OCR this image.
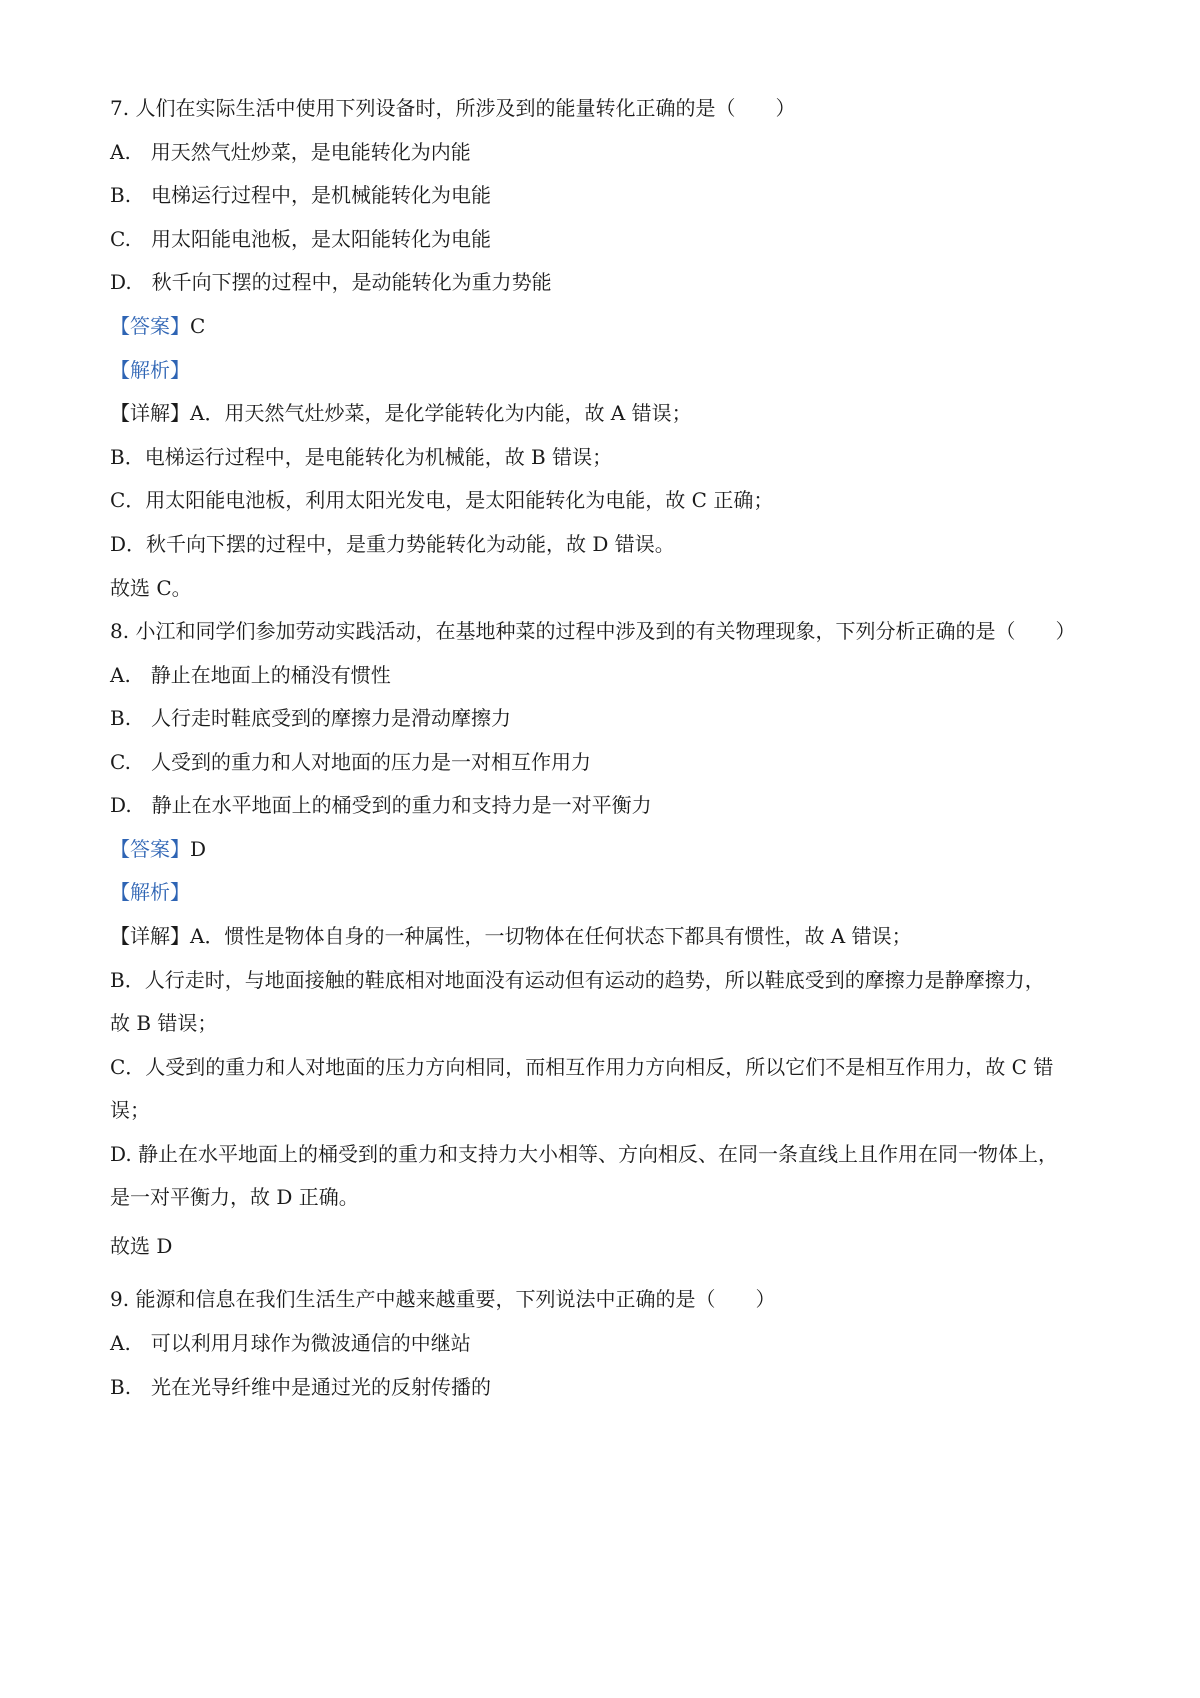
7. 人们在实际生活中使用下列设备时，所涉及到的能量转化正确的是（　　）
A.　用天然气灶炒菜，是电能转化为内能
B.　电梯运行过程中，是机械能转化为电能
C.　用太阳能电池板，是太阳能转化为电能
D.　秋千向下摆的过程中，是动能转化为重力势能
【答案】C
【解析】
【详解】A．用天然气灶炒菜，是化学能转化为内能，故 A 错误；
B．电梯运行过程中，是电能转化为机械能，故 B 错误；
C．用太阳能电池板，利用太阳光发电，是太阳能转化为电能，故 C 正确；
D．秋千向下摆的过程中，是重力势能转化为动能，故 D 错误。
故选 C。
8. 小江和同学们参加劳动实践活动，在基地种菜的过程中涉及到的有关物理现象，下列分析正确的是（　　）
A.　静止在地面上的桶没有惯性
B.　人行走时鞋底受到的摩擦力是滑动摩擦力
C.　人受到的重力和人对地面的压力是一对相互作用力
D.　静止在水平地面上的桶受到的重力和支持力是一对平衡力
【答案】D
【解析】
【详解】A．惯性是物体自身的一种属性，一切物体在任何状态下都具有惯性，故 A 错误；
B．人行走时，与地面接触的鞋底相对地面没有运动但有运动的趋势，所以鞋底受到的摩擦力是静摩擦力，
故 B 错误；
C．人受到的重力和人对地面的压力方向相同，而相互作用力方向相反，所以它们不是相互作用力，故 C 错
误；
D. 静止在水平地面上的桶受到的重力和支持力大小相等、方向相反、在同一条直线上且作用在同一物体上，
是一对平衡力，故 D 正确。
故选 D
9. 能源和信息在我们生活生产中越来越重要，下列说法中正确的是（　　）
A.　可以利用月球作为微波通信的中继站
B.　光在光导纤维中是通过光的反射传播的
